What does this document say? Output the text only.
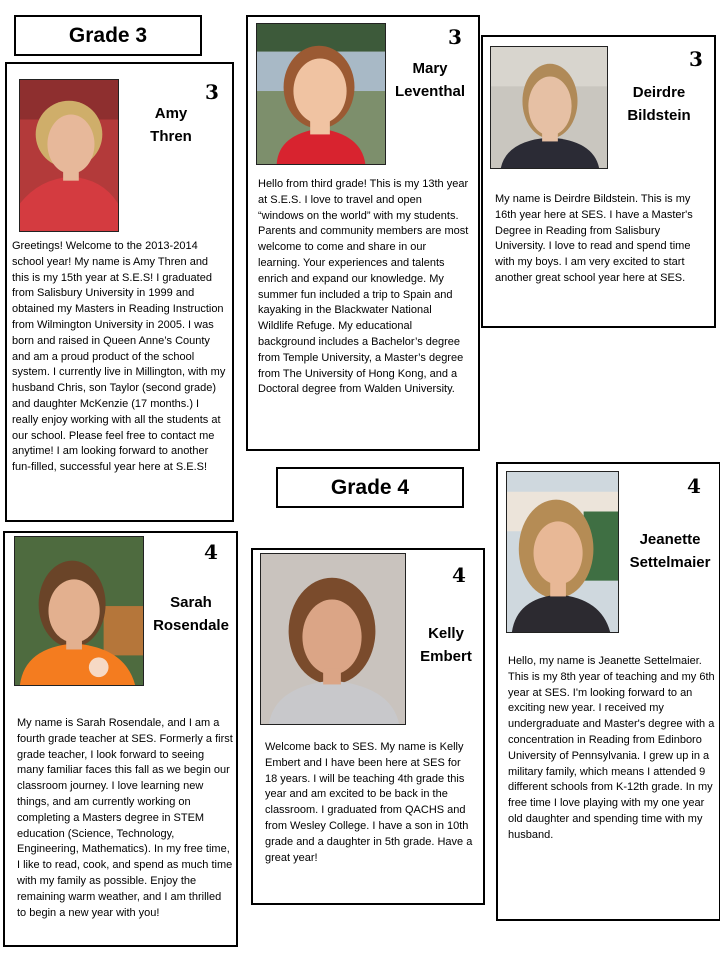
Grade 3
Grade 4
3
Mary
Leventhal
Hello from third grade! This is my 13th year at S.E.S. I love to travel and open “windows on the world” with my students. Parents and community members are most welcome to come and share in our learning. Your experiences and talents enrich and expand our knowledge. My summer fun included a trip to Spain and kayaking in the Blackwater National Wildlife Refuge. My educational background includes a Bachelor’s degree from Temple University, a Master’s degree from The University of Hong Kong, and a Doctoral degree from Walden University.
3
Deirdre
Bildstein
My name is Deirdre Bildstein. This is my 16th year here at SES. I have a Master's Degree in Reading from Salisbury University. I love to read and spend time with my boys. I am very excited to start another great school year here at SES.
3
Amy
Thren
Greetings! Welcome to the 2013-2014 school year! My name is Amy Thren and this is my 15th year at S.E.S! I graduated from Salisbury University in 1999 and obtained my Masters in Reading Instruction from Wilmington University in 2005. I was born and raised in Queen Anne’s County and am a proud product of the school system. I currently live in Millington, with my husband Chris, son Taylor (second grade) and daughter McKenzie (17 months.) I really enjoy working with all the students at our school. Please feel free to contact me anytime! I am looking forward to another fun-filled, successful year here at S.E.S!
4
Jeanette
Settelmaier
Hello, my name is Jeanette Settelmaier. This is my 8th year of teaching and my 6th year at SES. I'm looking forward to an exciting new year. I received my undergraduate and Master's degree with a concentration in Reading from Edinboro University of Pennsylvania. I grew up in a military family, which means I attended 9 different schools from K-12th grade. In my free time I love playing with my one year old daughter and spending time with my husband.
4
Sarah
Rosendale
My name is Sarah Rosendale, and I am a fourth grade teacher at SES. Formerly a first grade teacher, I look forward to seeing many familiar faces this fall as we begin our classroom journey. I love learning new things, and am currently working on completing a Masters degree in STEM education (Science, Technology, Engineering, Mathematics). In my free time, I like to read, cook, and spend as much time with my family as possible. Enjoy the remaining warm weather, and I am thrilled to begin a new year with you!
4
Kelly
Embert
Welcome back to SES. My name is Kelly Embert and I have been here at SES for 18 years. I will be teaching 4th grade this year and am excited to be back in the classroom. I graduated from QACHS and from Wesley College. I have a son in 10th grade and a daughter in 5th grade. Have a great year!
